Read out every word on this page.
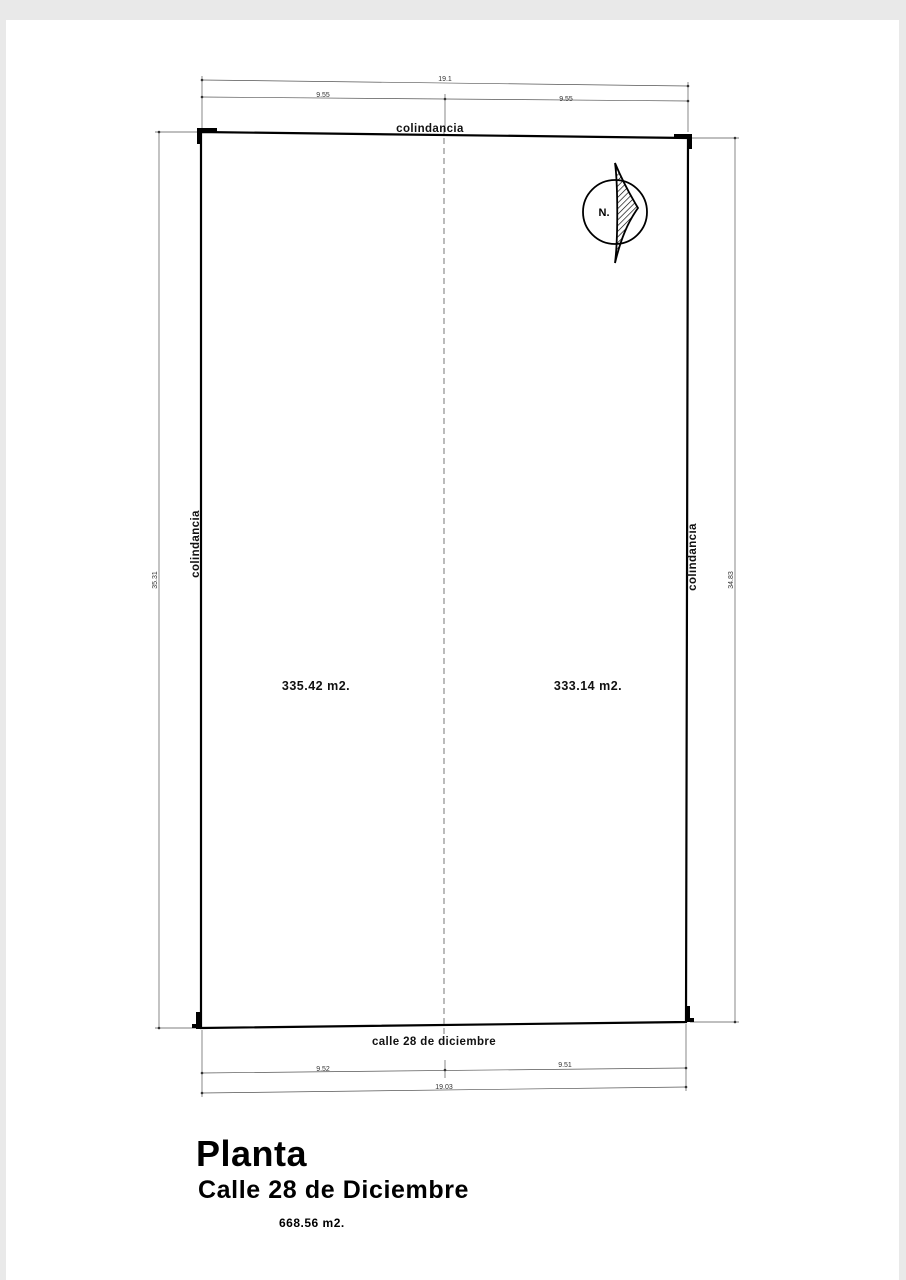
19.1
9.55
9.55
35.31	34.83
9.52
9.51
19.03
colindancia
colindancia	colindancia
calle 28 de diciembre
335.42 m2.	333.14 m2.
N.
Planta
Calle 28 de Diciembre
668.56 m2.
